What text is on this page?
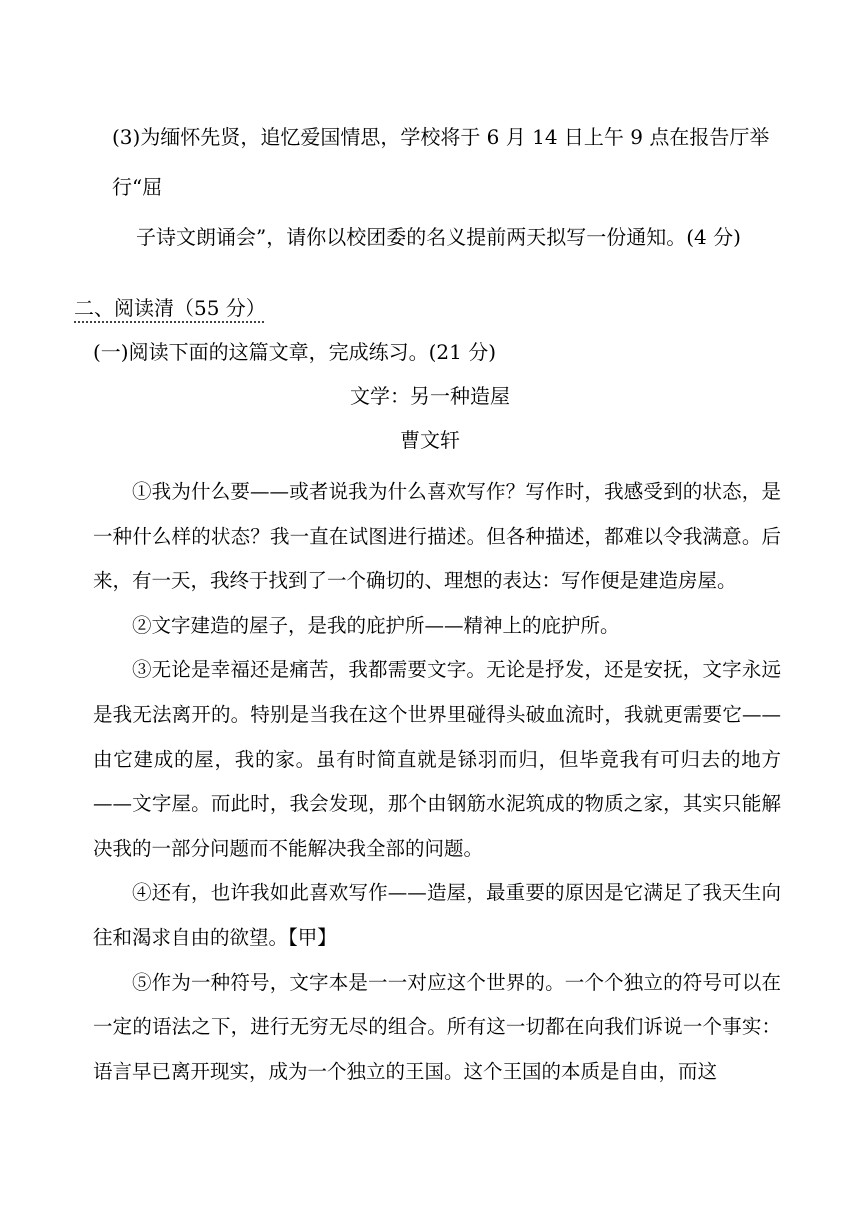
(3)为缅怀先贤，追忆爱国情思，学校将于 6 月 14 日上午 9 点在报告厅举行“屈

子诗文朗诵会”，请你以校团委的名义提前两天拟写一份通知。(4 分)
二、阅读清（55 分）
(一)阅读下面的这篇文章，完成练习。(21 分)
文学：另一种造屋
曹文轩

①我为什么要——或者说我为什么喜欢写作？写作时，我感受到的状态，是一种什么样的状态？我一直在试图进行描述。但各种描述，都难以令我满意。后来，有一天，我终于找到了一个确切的、理想的表达：写作便是建造房屋。

②文字建造的屋子，是我的庇护所——精神上的庇护所。

③无论是幸福还是痛苦，我都需要文字。无论是抒发，还是安抚，文字永远是我无法离开的。特别是当我在这个世界里碰得头破血流时，我就更需要它——由它建成的屋，我的家。虽有时简直就是铩羽而归，但毕竟我有可归去的地方——文字屋。而此时，我会发现，那个由钢筋水泥筑成的物质之家，其实只能解决我的一部分问题而不能解决我全部的问题。

④还有，也许我如此喜欢写作——造屋，最重要的原因是它满足了我天生向往和渴求自由的欲望。【甲】

⑤作为一种符号，文字本是一一对应这个世界的。一个个独立的符号可以在一定的语法之下，进行无穷无尽的组合。所有这一切都在向我们诉说一个事实：语言早已离开现实，成为一个独立的王国。这个王国的本质是自由，而这
